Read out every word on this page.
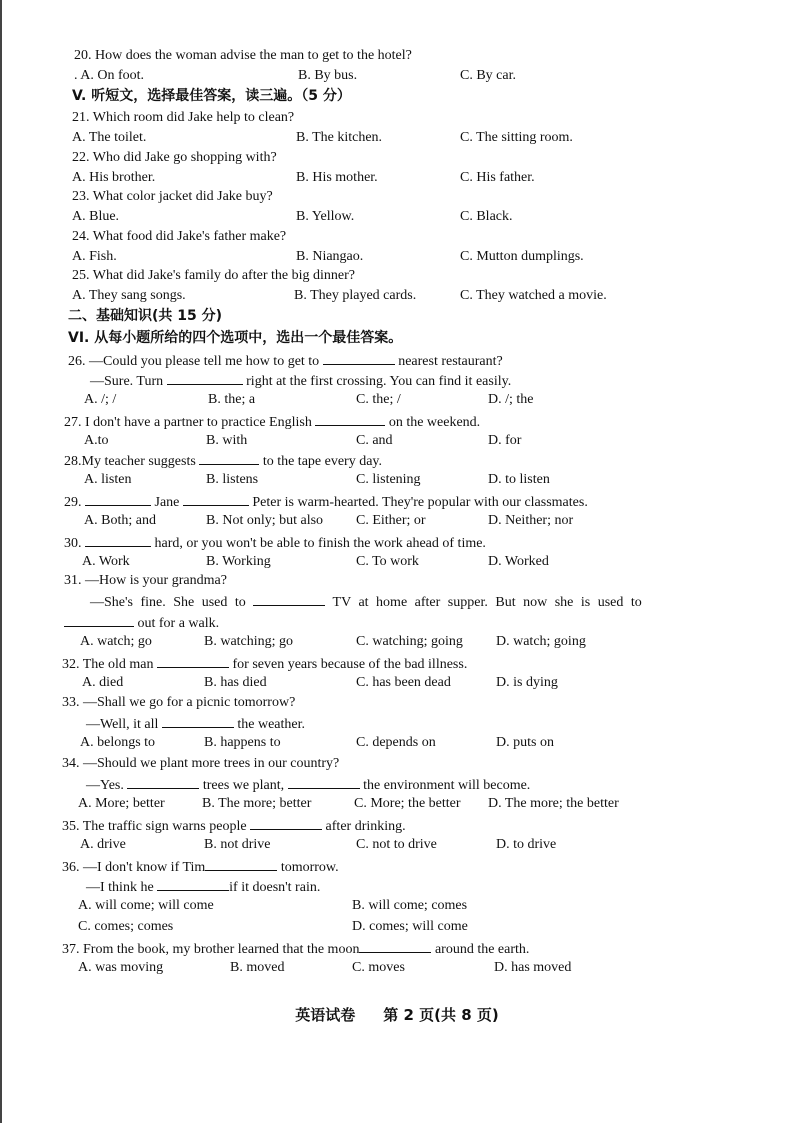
20. How does the woman advise the man to get to the hotel?
. A. On foot.	B. By bus.	C. By car.
V. 听短文，选择最佳答案，读三遍。（5 分）
21. Which room did Jake help to clean?
A. The toilet.	B. The kitchen.	C. The sitting room.
22. Who did Jake go shopping with?
A. His brother.	B. His mother.	C. His father.
23. What color jacket did Jake buy?
A. Blue.	B. Yellow.	C. Black.
24. What food did Jake's father make?
A. Fish.	B. Niangao.	C. Mutton dumplings.
25. What did Jake's family do after the big dinner?
A. They sang songs.	B. They played cards.	C. They watched a movie.
二、基础知识(共 15 分)
VI. 从每小题所给的四个选项中，选出一个最佳答案。
26. —Could you please tell me how to get to	nearest restaurant?
—Sure. Turn	right at the first crossing. You can find it easily.
A. /; /	B. the; a	C. the; /	D. /; the
27. I don't have a partner to practice English	on the weekend.
A.to	B. with	C. and	D. for
28.My teacher suggests	to the tape every day.
A. listen	B. listens	C. listening	D. to listen
29.	Jane	Peter is warm-hearted. They're popular with our classmates.
A. Both; and	B. Not only; but also C. Either; or	D. Neither; nor
30.	hard, or you won't be able to finish the work ahead of time.
A. Work	B. Working	C. To work	D. Worked
31. —How is your grandma?
—She's fine. She used to	TV at home after supper. But now she is used to
out for a walk.
A. watch; go	B. watching; go	C. watching; going D. watch; going
32. The old man	for seven years because of the bad illness.
A. died	B. has died	C. has been dead	D. is dying
33. —Shall we go for a picnic tomorrow?
—Well, it all	the weather.
A. belongs to	B. happens to	C. depends on	D. puts on
34. —Should we plant more trees in our country?
—Yes.	trees we plant,	the environment will become.
A. More; better	B. The more; better	C. More; the better D. The more; the better
35. The traffic sign warns people	after drinking.
A. drive	B. not drive	C. not to drive	D. to drive
36. —I don't know if Tim	tomorrow.
—I think he	if it doesn't rain.
A. will come; will come	B. will come; comes
C. comes; comes	D. comes; will come
37. From the book, my brother learned that the moon	around the earth.
A. was moving	B. moved	C. moves	D. has moved
英语试卷 第 2 页(共 8 页)
